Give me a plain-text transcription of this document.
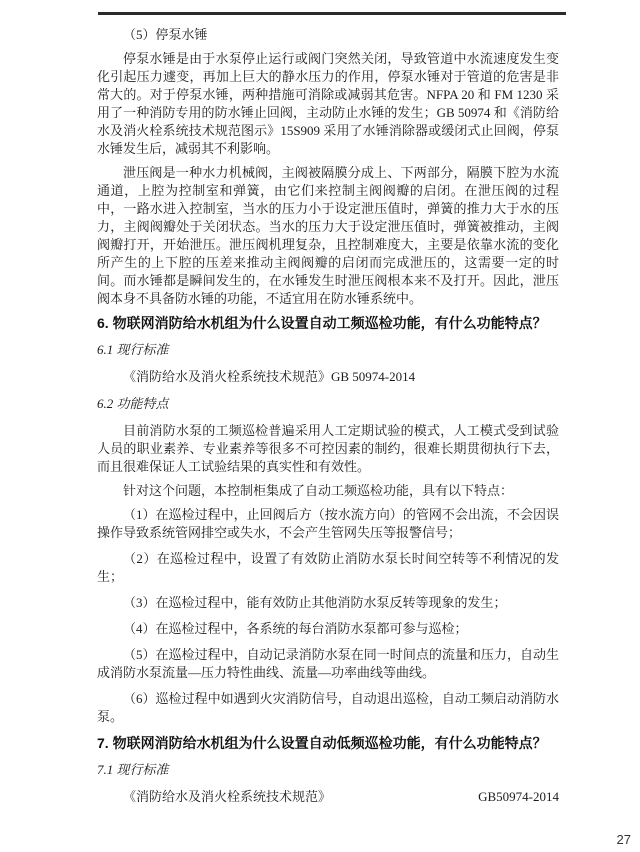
（5）停泵水锤

停泵水锤是由于水泵停止运行或阀门突然关闭，导致管道中水流速度发生变化引起压力遽变，再加上巨大的静水压力的作用，停泵水锤对于管道的危害是非常大的。对于停泵水锤，两种措施可消除或减弱其危害。NFPA 20 和 FM 1230 采用了一种消防专用的防水锤止回阀，主动防止水锤的发生；GB 50974 和《消防给水及消火栓系统技术规范图示》15S909 采用了水锤消除器或缓闭式止回阀，停泵水锤发生后，减弱其不利影响。

泄压阀是一种水力机械阀，主阀被隔膜分成上、下两部分，隔膜下腔为水流通道，上腔为控制室和弹簧，由它们来控制主阀阀瓣的启闭。在泄压阀的过程中，一路水进入控制室，当水的压力小于设定泄压值时，弹簧的推力大于水的压力，主阀阀瓣处于关闭状态。当水的压力大于设定泄压值时，弹簧被推动，主阀阀瓣打开，开始泄压。泄压阀机理复杂，且控制难度大，主要是依靠水流的变化所产生的上下腔的压差来推动主阀阀瓣的启闭而完成泄压的，这需要一定的时间。而水锤都是瞬间发生的，在水锤发生时泄压阀根本来不及打开。因此，泄压阀本身不具备防水锤的功能，不适宜用在防水锤系统中。

6. 物联网消防给水机组为什么设置自动工频巡检功能，有什么功能特点？

6.1 现行标准

《消防给水及消火栓系统技术规范》GB 50974-2014

6.2 功能特点

目前消防水泵的工频巡检普遍采用人工定期试验的模式，人工模式受到试验人员的职业素养、专业素养等很多不可控因素的制约，很难长期贯彻执行下去，而且很难保证人工试验结果的真实性和有效性。

针对这个问题，本控制柜集成了自动工频巡检功能，具有以下特点：

（1）在巡检过程中，止回阀后方（按水流方向）的管网不会出流，不会因误操作导致系统管网排空或失水，不会产生管网失压等报警信号；

（2）在巡检过程中，设置了有效防止消防水泵长时间空转等不利情况的发生；

（3）在巡检过程中，能有效防止其他消防水泵反转等现象的发生；

（4）在巡检过程中，各系统的每台消防水泵都可参与巡检；

（5）在巡检过程中，自动记录消防水泵在同一时间点的流量和压力，自动生成消防水泵流量—压力特性曲线、流量—功率曲线等曲线。

（6）巡检过程中如遇到火灾消防信号，自动退出巡检，自动工频启动消防水泵。

7. 物联网消防给水机组为什么设置自动低频巡检功能，有什么功能特点？

7.1 现行标准

《消防给水及消火栓系统技术规范》	GB50974-2014

27
